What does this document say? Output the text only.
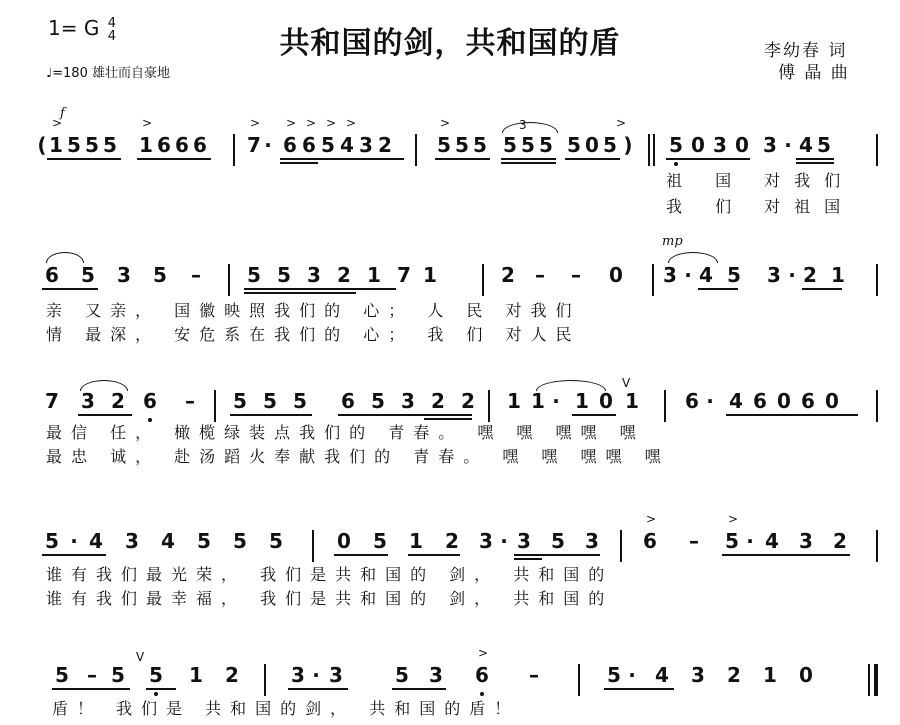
1= G 4
4
♩=180 雄壮而自豪地
共和国的剑，共和国的盾	李幼春 词
傅 晶 曲
( 1 5 5 5 1 6 6 6 7 · 6 6 5 4 3 2 5 5 5 5 5 5
3
5 0 5 ) 5 0 3 0 3 · 4 5
f
>	>	> > > > >	>	>
祖 国 对我们
我 们 对祖国
6 5 3 5 – 5 5 3 2 1 7 1	2 – – 0
mp
3 · 4 5 3 · 2 1
亲 又亲， 国徽映照我们的 心； 人 民 对我们
情 最深， 安危系在我们的 心； 我 们 对人民
7 3 2 6 – 5 5 5 6 5 3 2 2 1 1 · 1 0
V
1 6 · 4 6 0 6 0
最信 任， 橄榄绿装点我们的 青春。 嘿 嘿 嘿嘿 嘿
最忠 诚， 赴汤蹈火奉献我们的 青春。 嘿 嘿 嘿嘿 嘿
5 · 4 3 4 5 5 5	0 5 1 2 3 · 3 5 3
>
6 –
>
5 · 4 3 2
谁有我们最光荣， 我们是共和国的 剑， 共和国的
谁有我们最幸福， 我们是共和国的 剑， 共和国的
5 – 5
V
5 1 2	3 · 3	5 3
>
6 –	5 · 4 3 2 1 0
盾！ 我们是 共和国的剑， 共和国的盾！
